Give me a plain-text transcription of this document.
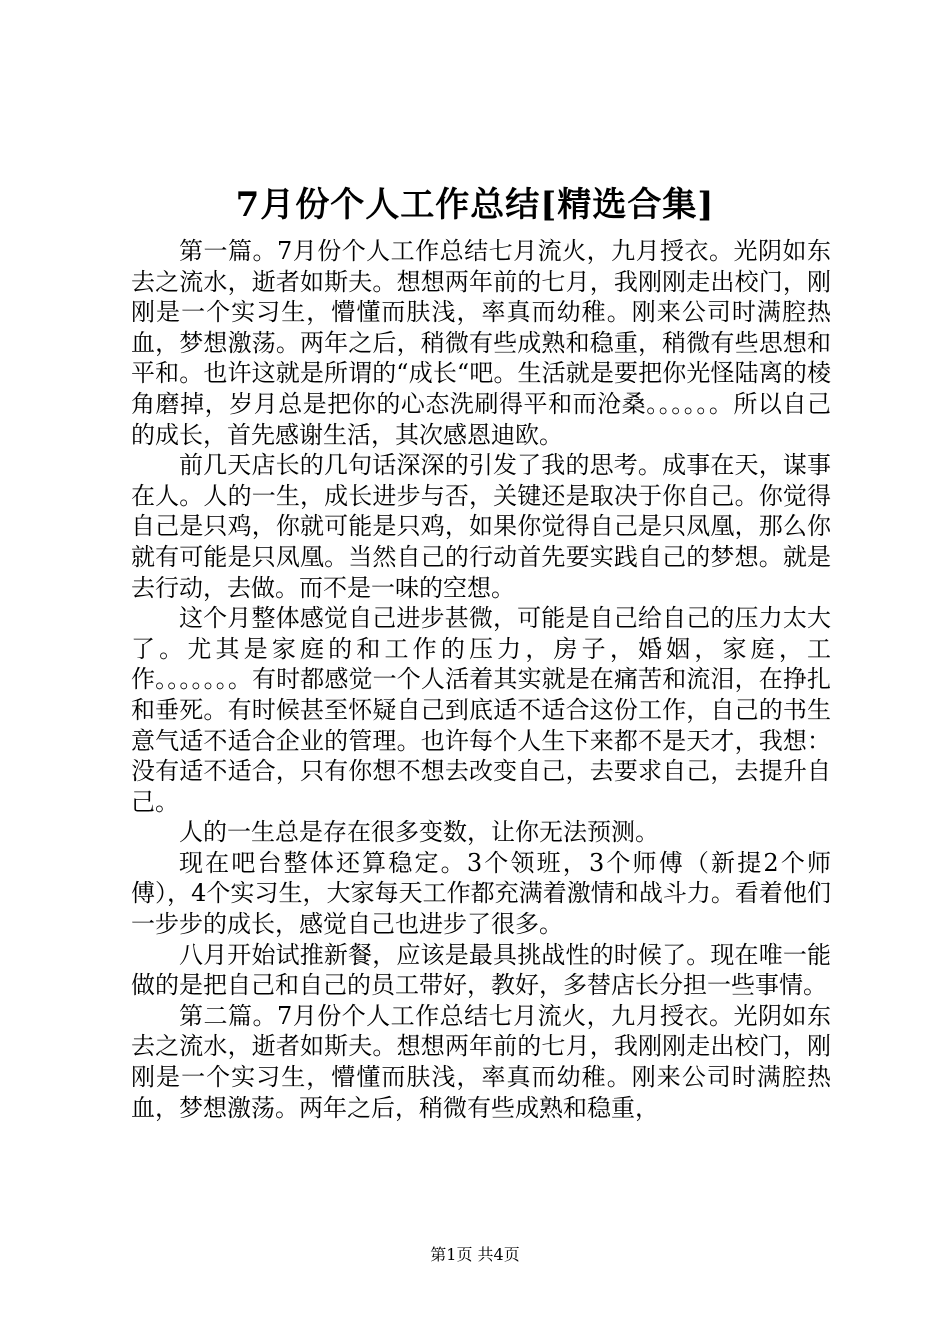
7月份个人工作总结[精选合集]

第一篇。7月份个人工作总结七月流火，九月授衣。光阴如东去之流水，逝者如斯夫。想想两年前的七月，我刚刚走出校门，刚刚是一个实习生，懵懂而肤浅，率真而幼稚。刚来公司时满腔热血，梦想激荡。两年之后，稍微有些成熟和稳重，稍微有些思想和平和。也许这就是所谓的“成长“吧。生活就是要把你光怪陆离的棱角磨掉，岁月总是把你的心态洗刷得平和而沧桑。。。。。。所以自己的成长，首先感谢生活，其次感恩迪欧。

前几天店长的几句话深深的引发了我的思考。成事在天，谋事在人。人的一生，成长进步与否，关键还是取决于你自己。你觉得自己是只鸡，你就可能是只鸡，如果你觉得自己是只凤凰，那么你就有可能是只凤凰。当然自己的行动首先要实践自己的梦想。就是去行动，去做。而不是一味的空想。

这个月整体感觉自己进步甚微，可能是自己给自己的压力太大了。尤其是家庭的和工作的压力，房子，婚姻，家庭，工作。。。。。。。有时都感觉一个人活着其实就是在痛苦和流泪，在挣扎和垂死。有时候甚至怀疑自己到底适不适合这份工作，自己的书生意气适不适合企业的管理。也许每个人生下来都不是天才，我想：没有适不适合，只有你想不想去改变自己，去要求自己，去提升自己。

人的一生总是存在很多变数，让你无法预测。

现在吧台整体还算稳定。3个领班，3个师傅（新提2个师傅），4个实习生，大家每天工作都充满着激情和战斗力。看着他们一步步的成长，感觉自己也进步了很多。

八月开始试推新餐，应该是最具挑战性的时候了。现在唯一能做的是把自己和自己的员工带好，教好，多替店长分担一些事情。

第二篇。7月份个人工作总结七月流火，九月授衣。光阴如东去之流水，逝者如斯夫。想想两年前的七月，我刚刚走出校门，刚刚是一个实习生，懵懂而肤浅，率真而幼稚。刚来公司时满腔热血，梦想激荡。两年之后，稍微有些成熟和稳重，

第1页 共4页
